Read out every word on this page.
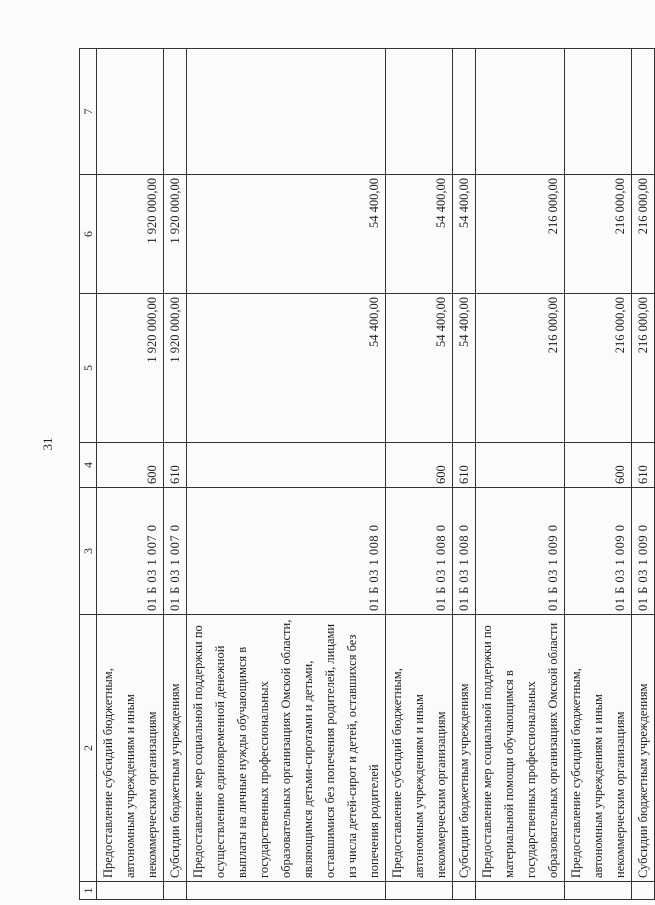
31
1	2	3	4	5	6	7
	Предоставление субсидий бюджетным, автономным учреждениям и иным некоммерческим организациям	01 Б 03 1 007 0	600	1 920 000,00	1 920 000,00	
	Субсидии бюджетным учреждениям	01 Б 03 1 007 0	610	1 920 000,00	1 920 000,00	
	Предоставление мер социальной поддержки по осуществлению единовременной денежной выплаты на личные нужды обучающимся в государственных профессиональных образовательных организациях Омской области, являющимся детьми-сиротами и детьми, оставшимися без попечения родителей, лицами из числа детей-сирот и детей, оставшихся без попечения родителей	01 Б 03 1 008 0		54 400,00	54 400,00	
	Предоставление субсидий бюджетным, автономным учреждениям и иным некоммерческим организациям	01 Б 03 1 008 0	600	54 400,00	54 400,00	
	Субсидии бюджетным учреждениям	01 Б 03 1 008 0	610	54 400,00	54 400,00	
	Предоставление мер социальной поддержки по материальной помощи обучающимся в государственных профессиональных образовательных организациях Омской области	01 Б 03 1 009 0		216 000,00	216 000,00	
	Предоставление субсидий бюджетным, автономным учреждениям и иным некоммерческим организациям	01 Б 03 1 009 0	600	216 000,00	216 000,00	
	Субсидии бюджетным учреждениям	01 Б 03 1 009 0	610	216 000,00	216 000,00	
